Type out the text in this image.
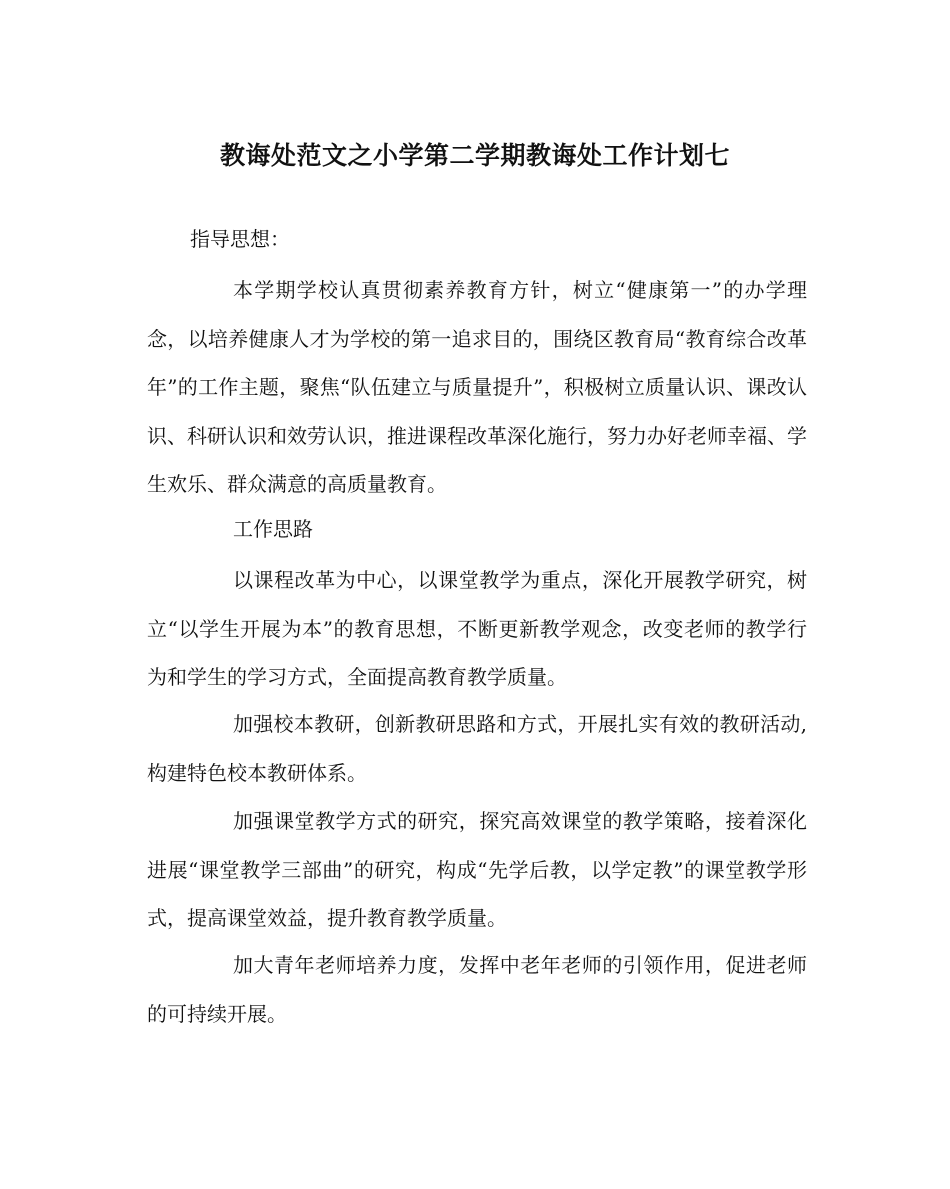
教诲处范文之小学第二学期教诲处工作计划七

指导思想：

本学期学校认真贯彻素养教育方针，树立“健康第一”的办学理念，以培养健康人才为学校的第一追求目的，围绕区教育局“教育综合改革年”的工作主题，聚焦“队伍建立与质量提升”，积极树立质量认识、课改认识、科研认识和效劳认识，推进课程改革深化施行，努力办好老师幸福、学生欢乐、群众满意的高质量教育。

工作思路

以课程改革为中心，以课堂教学为重点，深化开展教学研究，树立“以学生开展为本”的教育思想，不断更新教学观念，改变老师的教学行为和学生的学习方式，全面提高教育教学质量。

加强校本教研，创新教研思路和方式，开展扎实有效的教研活动,构建特色校本教研体系。

加强课堂教学方式的研究，探究高效课堂的教学策略，接着深化进展“课堂教学三部曲”的研究，构成“先学后教，以学定教”的课堂教学形式，提高课堂效益，提升教育教学质量。

加大青年老师培养力度，发挥中老年老师的引领作用，促进老师的可持续开展。
